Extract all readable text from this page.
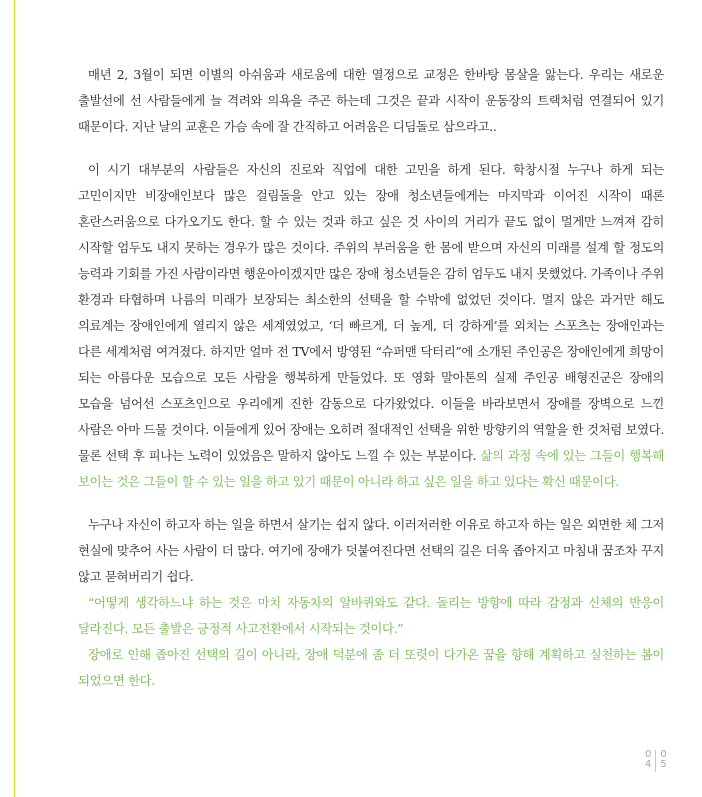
매년 2, 3월이 되면 이별의 아쉬움과 새로움에 대한 열정으로 교정은 한바탕 몸살을 앓는다. 우리는 새로운 출발선에 선 사람들에게 늘 격려와 의욕을 주곤 하는데 그것은 끝과 시작이 운동장의 트랙처럼 연결되어 있기 때문이다. 지난 날의 교훈은 가슴 속에 잘 간직하고 어려움은 디딤돌로 삼으라고..

이 시기 대부분의 사람들은 자신의 진로와 직업에 대한 고민을 하게 된다. 학창시절 누구나 하게 되는 고민이지만 비장애인보다 많은 걸림돌을 안고 있는 장애 청소년들에게는 마지막과 이어진 시작이 때론 혼란스러움으로 다가오기도 한다. 할 수 있는 것과 하고 싶은 것 사이의 거리가 끝도 없이 멀게만 느껴져 감히 시작할 엄두도 내지 못하는 경우가 많은 것이다. 주위의 부러움을 한 몸에 받으며 자신의 미래를 설계 할 정도의 능력과 기회를 가진 사람이라면 행운아이겠지만 많은 장애 청소년들은 감히 엄두도 내지 못했었다. 가족이나 주위 환경과 타협하며 나름의 미래가 보장되는 최소한의 선택을 할 수밖에 없었던 것이다. 멀지 않은 과거만 해도 의료계는 장애인에게 열리지 않은 세계였었고, ‘더 빠르게, 더 높게, 더 강하게’를 외치는 스포츠는 장애인과는 다른 세계처럼 여겨졌다. 하지만 얼마 전 TV에서 방영된 “슈퍼맨 닥터리”에 소개된 주인공은 장애인에게 희망이 되는 아름다운 모습으로 모든 사람을 행복하게 만들었다. 또 영화 말아톤의 실제 주인공 배형진군은 장애의 모습을 넘어선 스포츠인으로 우리에게 진한 감동으로 다가왔었다. 이들을 바라보면서 장애를 장벽으로 느낀 사람은 아마 드물 것이다. 이들에게 있어 장애는 오히려 절대적인 선택을 위한 방향키의 역할을 한 것처럼 보였다. 물론 선택 후 피나는 노력이 있었음은 말하지 않아도 느낄 수 있는 부분이다. 삶의 과정 속에 있는 그들이 행복해 보이는 것은 그들이 할 수 있는 일을 하고 있기 때문이 아니라 하고 싶은 일을 하고 있다는 확신 때문이다.

누구나 자신이 하고자 하는 일을 하면서 살기는 쉽지 않다. 이러저러한 이유로 하고자 하는 일은 외면한 체 그저 현실에 맞추어 사는 사람이 더 많다. 여기에 장애가 덧붙여진다면 선택의 길은 더욱 좁아지고 마침내 꿈조차 꾸지 않고 묻혀버리기 쉽다.

“어떻게 생각하느냐 하는 것은 마치 자동차의 알바퀴와도 같다. 돌리는 방향에 따라 감정과 신체의 반응이 달라진다. 모든 출발은 긍정적 사고전환에서 시작되는 것이다.”

장애로 인해 좁아진 선택의 길이 아니라, 장애 덕분에 좀 더 또렷이 다가온 꿈을 향해 계획하고 실천하는 봄이 되었으면 한다.

0
4
0
5
